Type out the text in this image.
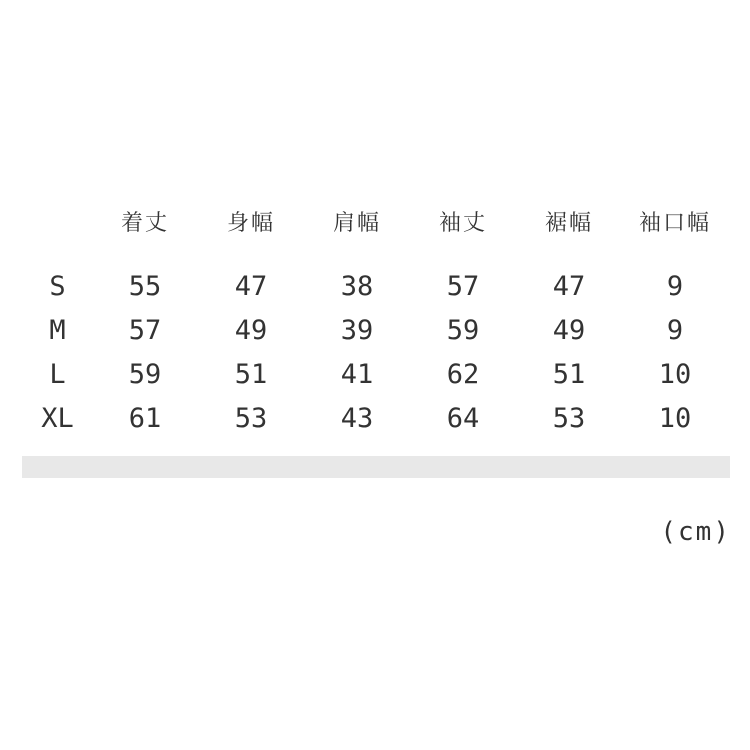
	着丈	身幅	肩幅	袖丈	裾幅	袖口幅

S	55	47	38	57	47	9
M	57	49	39	59	49	9
L	59	51	41	62	51	10
XL	61	53	43	64	53	10
(cm)
